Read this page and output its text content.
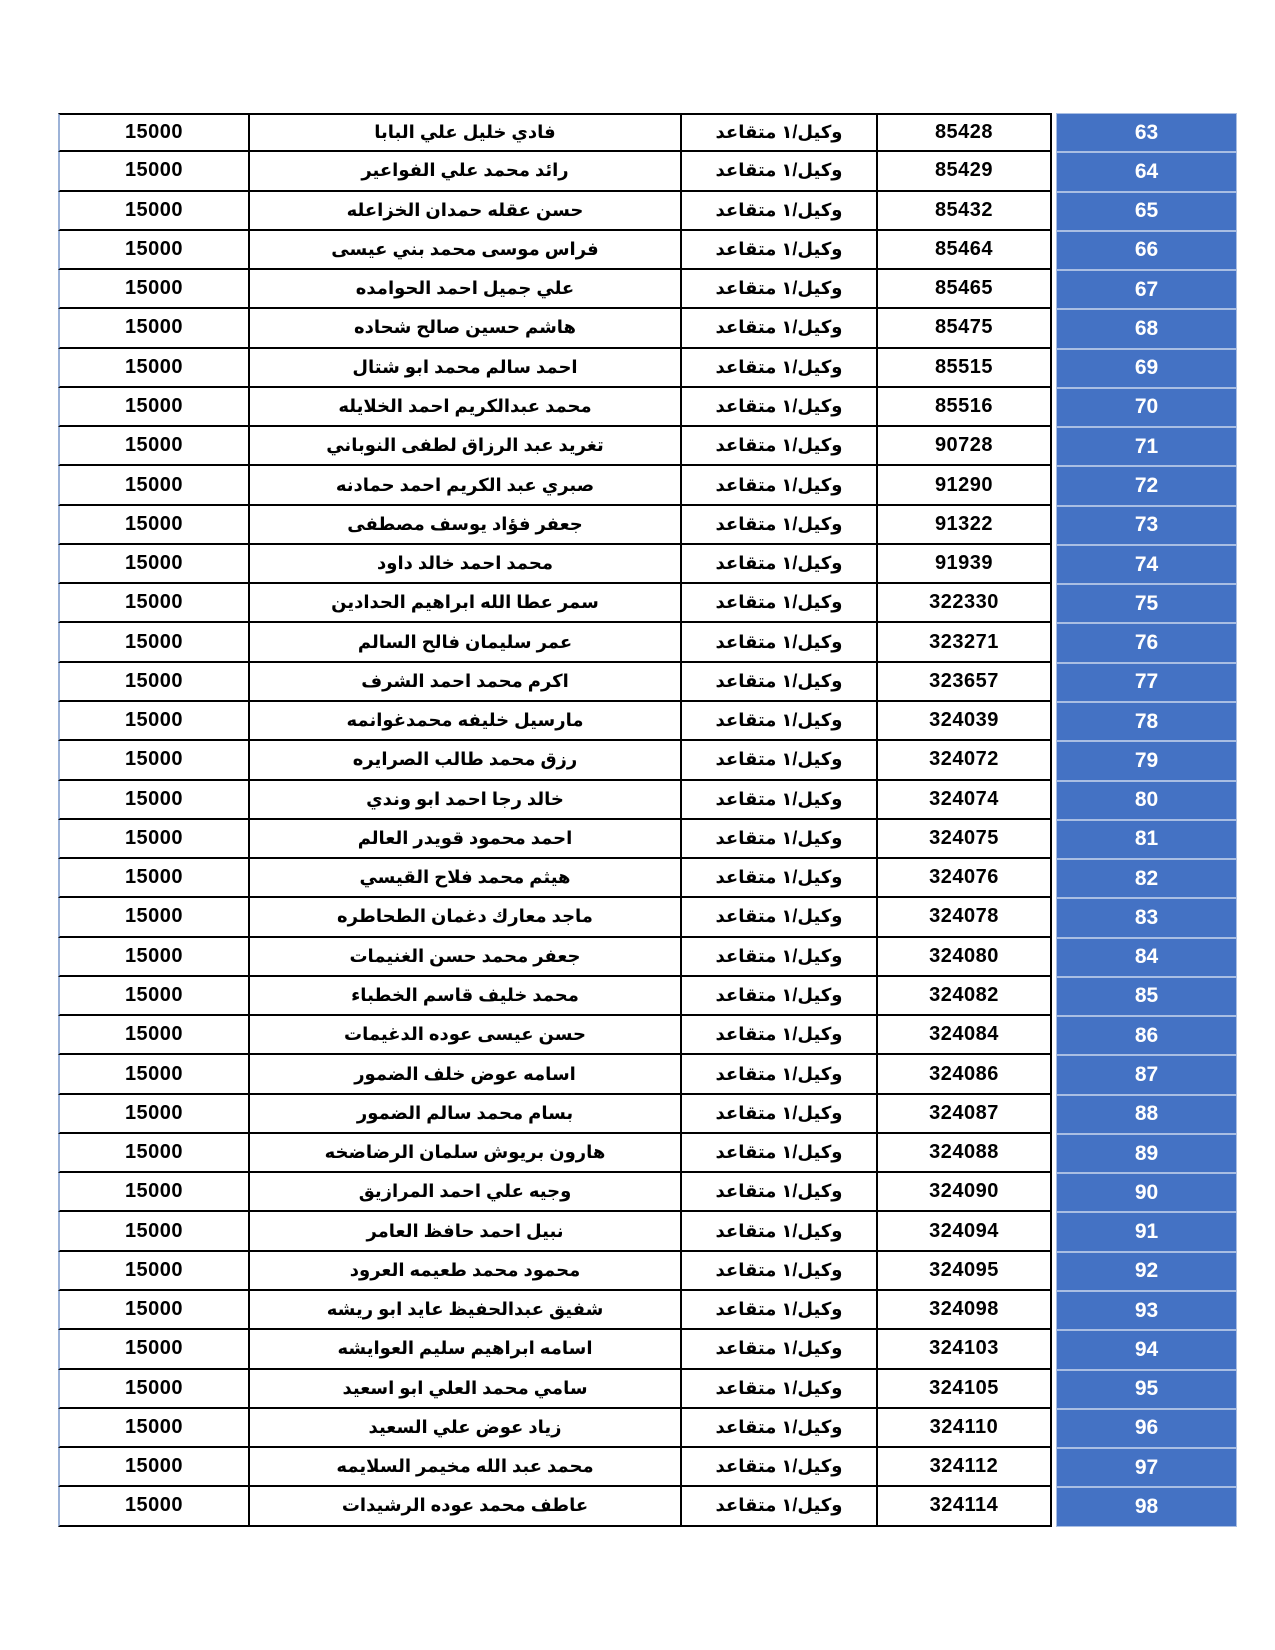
15000	فادي خليل علي البابا	وكيل/١ متقاعد	85428	63
15000	رائد محمد علي الفواعير	وكيل/١ متقاعد	85429	64
15000	حسن عقله حمدان الخزاعله	وكيل/١ متقاعد	85432	65
15000	فراس موسى محمد بني عيسى	وكيل/١ متقاعد	85464	66
15000	علي جميل احمد الحوامده	وكيل/١ متقاعد	85465	67
15000	هاشم حسين صالح شحاده	وكيل/١ متقاعد	85475	68
15000	احمد سالم محمد ابو شتال	وكيل/١ متقاعد	85515	69
15000	محمد عبدالكريم احمد الخلايله	وكيل/١ متقاعد	85516	70
15000	تغريد عبد الرزاق لطفى النوباني	وكيل/١ متقاعد	90728	71
15000	صبري عبد الكريم احمد حمادنه	وكيل/١ متقاعد	91290	72
15000	جعفر فؤاد يوسف مصطفى	وكيل/١ متقاعد	91322	73
15000	محمد احمد خالد داود	وكيل/١ متقاعد	91939	74
15000	سمر عطا الله ابراهيم الحدادين	وكيل/١ متقاعد	322330	75
15000	عمر سليمان فالح السالم	وكيل/١ متقاعد	323271	76
15000	اكرم محمد احمد الشرف	وكيل/١ متقاعد	323657	77
15000	مارسيل خليفه محمدغوانمه	وكيل/١ متقاعد	324039	78
15000	رزق محمد طالب الصرايره	وكيل/١ متقاعد	324072	79
15000	خالد رجا احمد ابو وندي	وكيل/١ متقاعد	324074	80
15000	احمد محمود قويدر العالم	وكيل/١ متقاعد	324075	81
15000	هيثم محمد فلاح القيسي	وكيل/١ متقاعد	324076	82
15000	ماجد معارك دغمان الطحاطره	وكيل/١ متقاعد	324078	83
15000	جعفر محمد حسن الغنيمات	وكيل/١ متقاعد	324080	84
15000	محمد خليف قاسم الخطباء	وكيل/١ متقاعد	324082	85
15000	حسن عيسى عوده الدغيمات	وكيل/١ متقاعد	324084	86
15000	اسامه عوض خلف الضمور	وكيل/١ متقاعد	324086	87
15000	بسام محمد سالم الضمور	وكيل/١ متقاعد	324087	88
15000	هارون بريوش سلمان الرضاضخه	وكيل/١ متقاعد	324088	89
15000	وجيه علي احمد المرازيق	وكيل/١ متقاعد	324090	90
15000	نبيل احمد حافظ العامر	وكيل/١ متقاعد	324094	91
15000	محمود محمد طعيمه العرود	وكيل/١ متقاعد	324095	92
15000	شفيق عبدالحفيظ عايد ابو ريشه	وكيل/١ متقاعد	324098	93
15000	اسامه ابراهيم سليم العوايشه	وكيل/١ متقاعد	324103	94
15000	سامي محمد العلي ابو اسعيد	وكيل/١ متقاعد	324105	95
15000	زياد عوض علي السعيد	وكيل/١ متقاعد	324110	96
15000	محمد عبد الله مخيمر السلايمه	وكيل/١ متقاعد	324112	97
15000	عاطف محمد عوده الرشيدات	وكيل/١ متقاعد	324114	98
